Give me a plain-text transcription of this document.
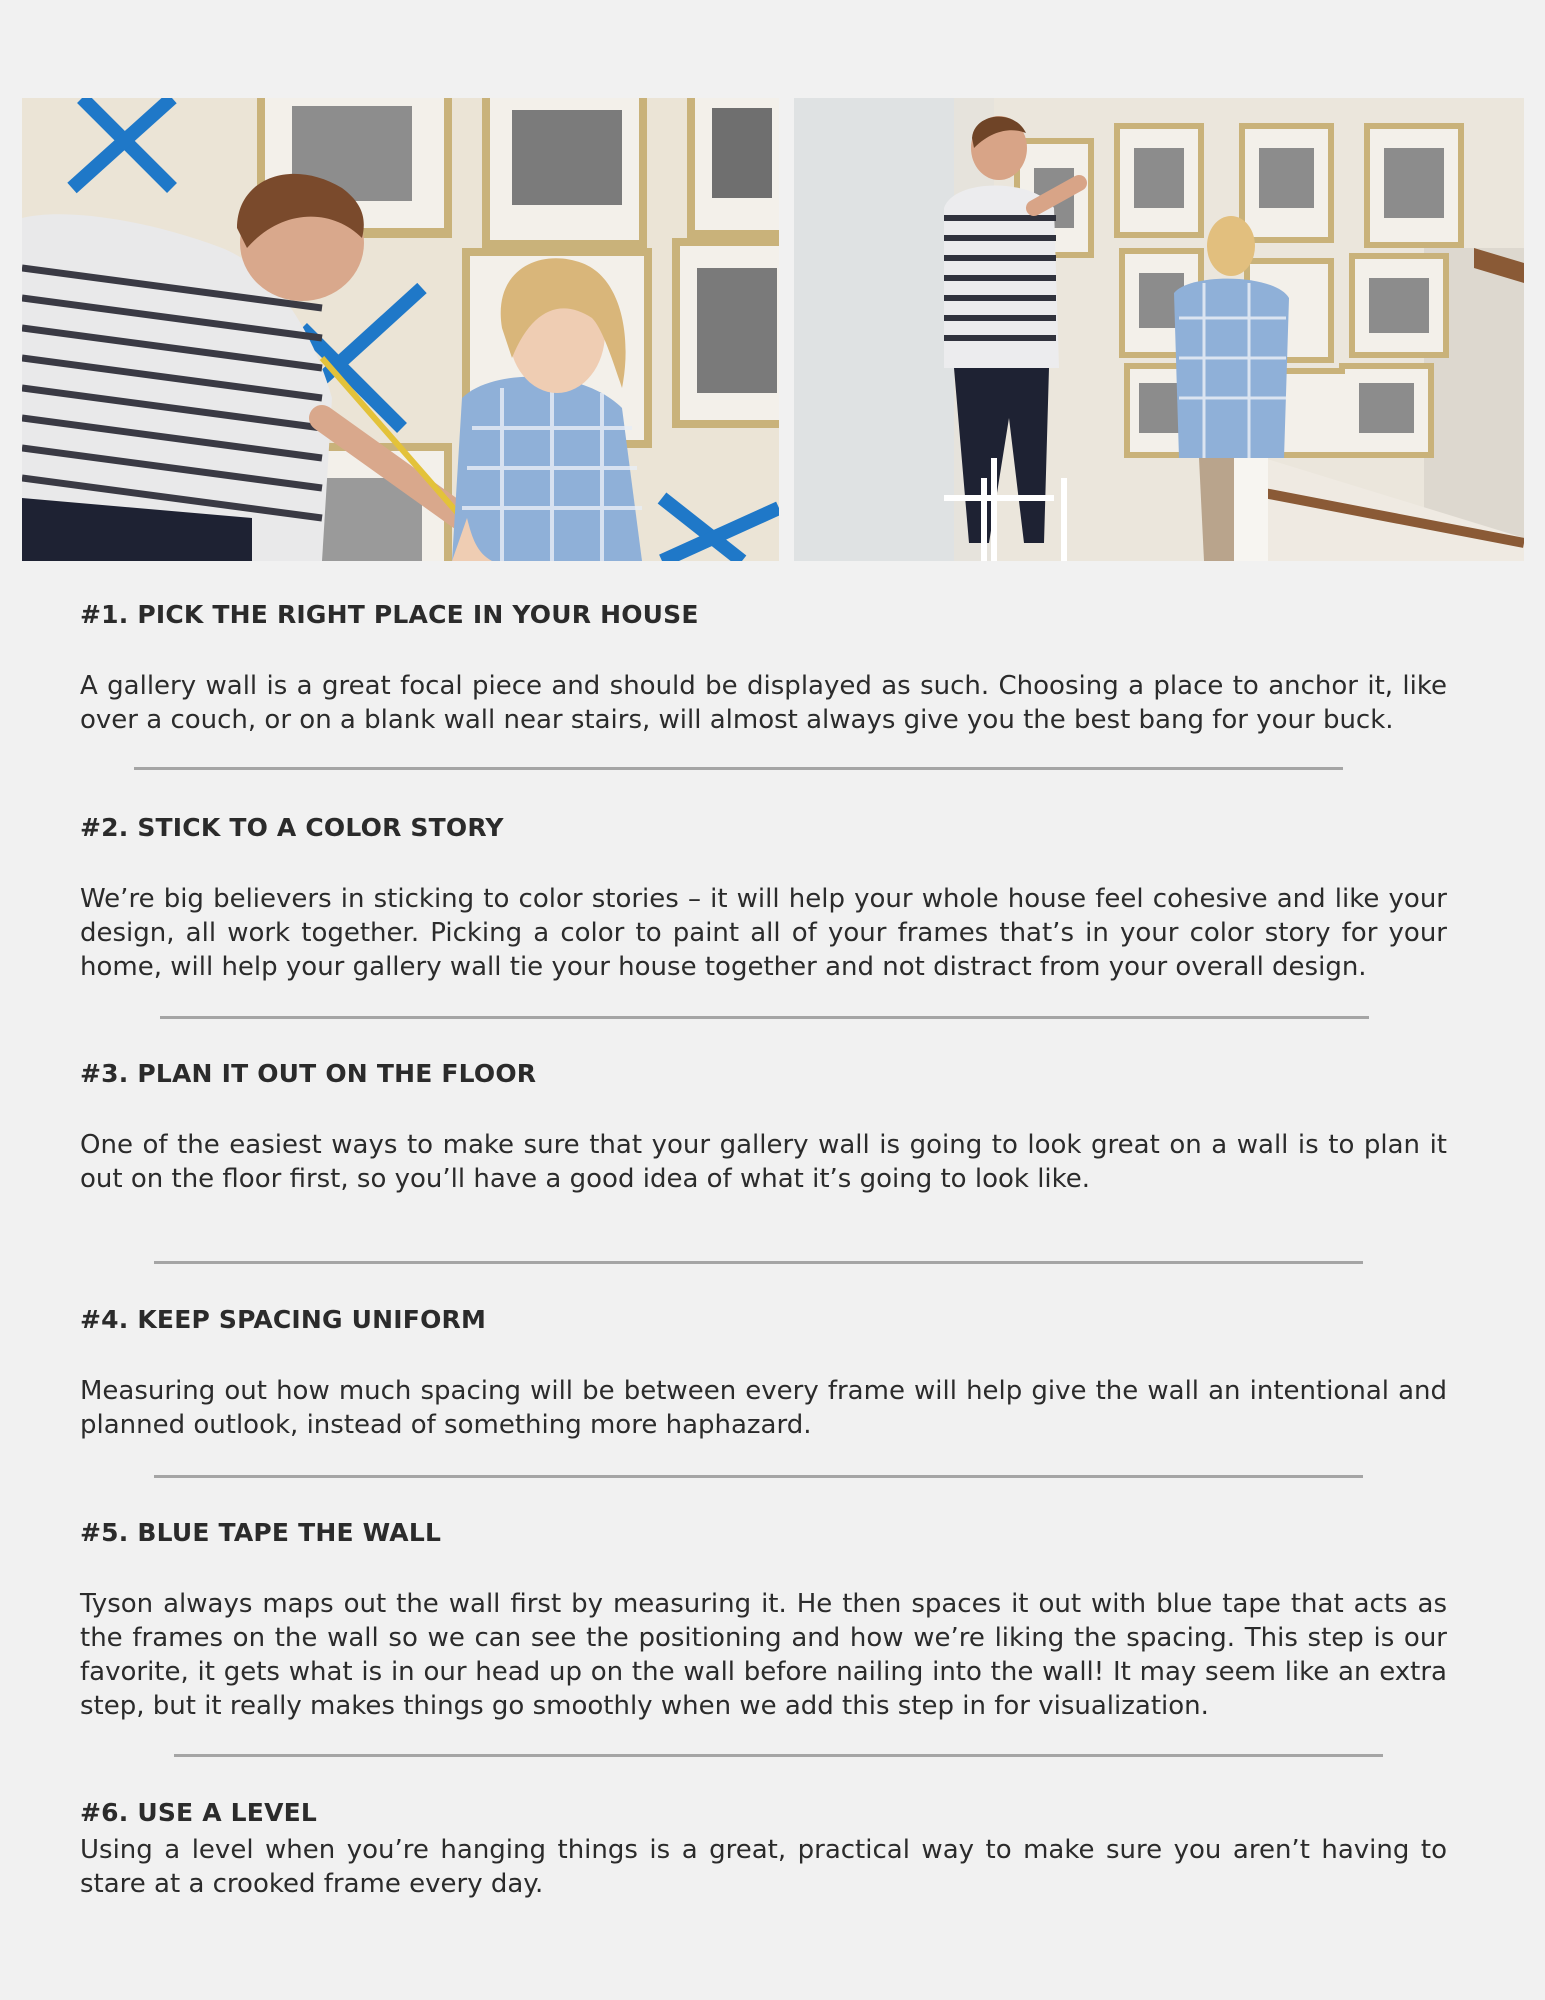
#1. PICK THE RIGHT PLACE IN YOUR HOUSE

A gallery wall is a great focal piece and should be displayed as such. Choosing a place to anchor it, like over a couch, or on a blank wall near stairs, will almost always give you the best bang for your buck.

#2. STICK TO A COLOR STORY

We’re big believers in sticking to color stories – it will help your whole house feel cohesive and like your design, all work together. Picking a color to paint all of your frames that’s in your color story for your home, will help your gallery wall tie your house together and not distract from your overall design.

#3. PLAN IT OUT ON THE FLOOR

One of the easiest ways to make sure that your gallery wall is going to look great on a wall is to plan it out on the floor first, so you’ll have a good idea of what it’s going to look like.

#4. KEEP SPACING UNIFORM

Measuring out how much spacing will be between every frame will help give the wall an intentional and planned outlook, instead of something more haphazard.

#5. BLUE TAPE THE WALL

Tyson always maps out the wall first by measuring it. He then spaces it out with blue tape that acts as the frames on the wall so we can see the positioning and how we’re liking the spacing. This step is our favorite, it gets what is in our head up on the wall before nailing into the wall! It may seem like an extra step, but it really makes things go smoothly when we add this step in for visualization.

#6. USE A LEVEL

Using a level when you’re hanging things is a great, practical way to make sure you aren’t having to stare at a crooked frame every day.
